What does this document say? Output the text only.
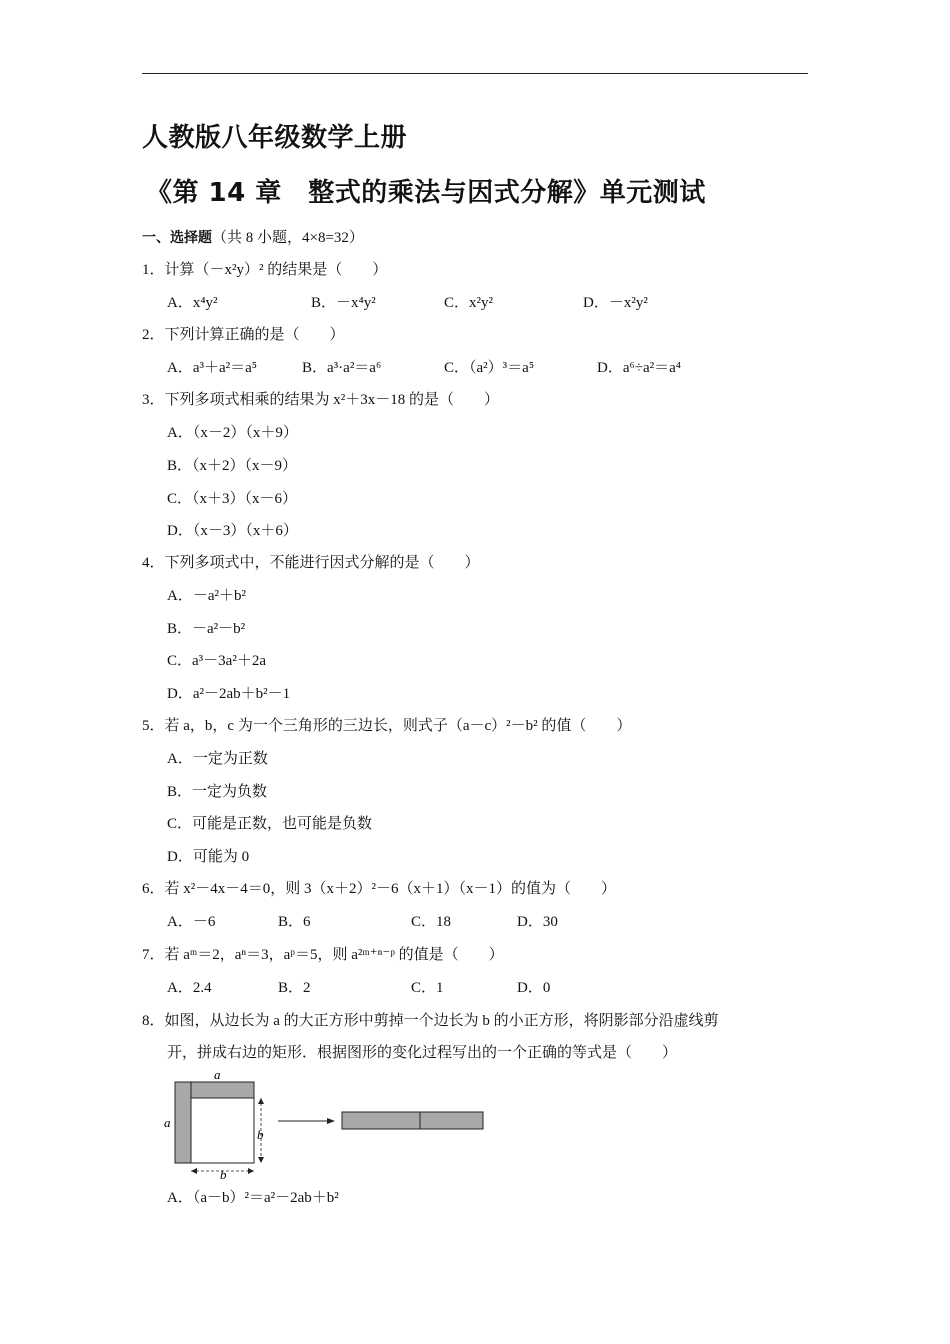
人教版八年级数学上册
《第 14 章　整式的乘法与因式分解》单元测试
一、选择题（共 8 小题，4×8=32）
1．计算（－x²y）² 的结果是（　　）
A．x⁴y²	B．－x⁴y²	C．x²y²	D．－x²y²
2．下列计算正确的是（　　）
A．a³＋a²＝a⁵	B．a³·a²＝a⁶	C．（a²）³＝a⁵	D．a⁶÷a²＝a⁴
3．下列多项式相乘的结果为 x²＋3x－18 的是（　　）
A．（x－2）（x＋9）
B．（x＋2）（x－9）
C．（x＋3）（x－6）
D．（x－3）（x＋6）
4．下列多项式中，不能进行因式分解的是（　　）
A．－a²＋b²
B．－a²－b²
C．a³－3a²＋2a
D．a²－2ab＋b²－1
5．若 a，b，c 为一个三角形的三边长，则式子（a－c）²－b² 的值（　　）
A．一定为正数
B．一定为负数
C．可能是正数，也可能是负数
D．可能为 0
6．若 x²－4x－4＝0，则 3（x＋2）²－6（x＋1）（x－1）的值为（　　）
A．－6	B．6	C．18	D．30
7．若 aᵐ＝2，aⁿ＝3，aᵖ＝5，则 a²ᵐ⁺ⁿ⁻ᵖ 的值是（　　）
A．2.4	B．2	C．1	D．0
8．如图，从边长为 a 的大正方形中剪掉一个边长为 b 的小正方形，将阴影部分沿虚线剪
开，拼成右边的矩形．根据图形的变化过程写出的一个正确的等式是（　　）
a
a
b
b
A．（a－b）²＝a²－2ab＋b²
